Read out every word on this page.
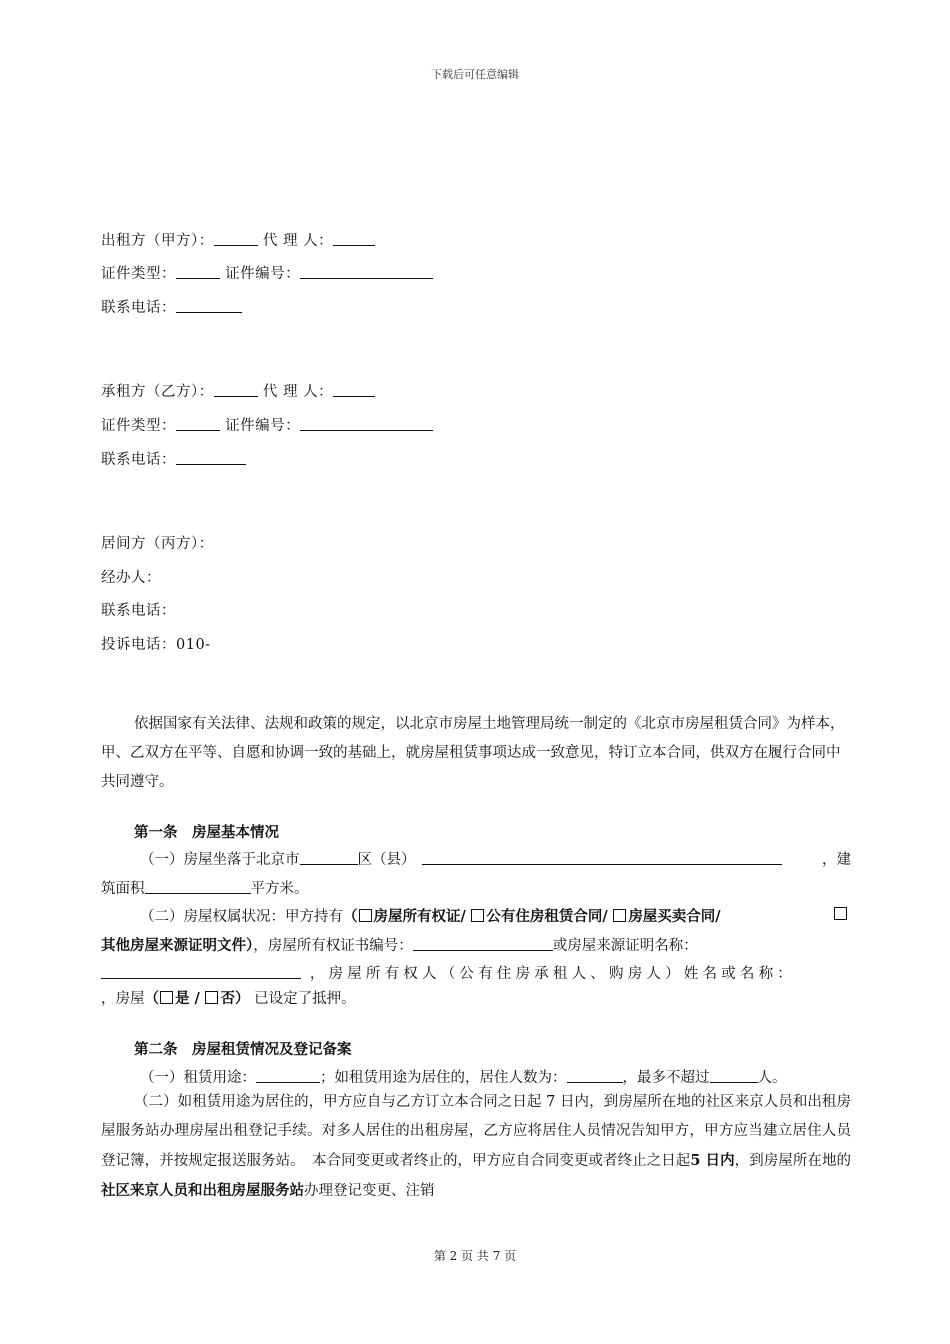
下载后可任意编辑
出租方（甲方）：	代 理 人：
证件类型：	证件编号：
联系电话：
承租方（乙方）：	代 理 人：
证件类型：	证件编号：
联系电话：
居间方（丙方）：
经办人：
联系电话：
投诉电话：010-
依据国家有关法律、法规和政策的规定，以北京市房屋土地管理局统一制定的《北京市房屋租赁合同》为样本，甲、乙双方在平等、自愿和协调一致的基础上，就房屋租赁事项达成一致意见，特订立本合同，供双方在履行合同中共同遵守。
第一条　房屋基本情况
（一）房屋坐落于北京市	区（县）	，建
筑面积	平方米。
（二）房屋权属状况：甲方持有（ 房屋所有权证/ 公有住房租赁合同/ 房屋买卖合同/
其他房屋来源证明文件），房屋所有权证书编号：	或房屋来源证明名称：
，房屋所有权人（公有住房承租人、购房人）姓名或名称：
，房屋（ 是 / 否） 已设定了抵押。
第二条　房屋租赁情况及登记备案
（一）租赁用途：	；如租赁用途为居住的，居住人数为：	，最多不超过	人。
（二）如租赁用途为居住的，甲方应自与乙方订立本合同之日起 7 日内，到房屋所在地的社区来京人员和出租房屋服务站办理房屋出租登记手续。对多人居住的出租房屋，乙方应将居住人员情况告知甲方，甲方应当建立居住人员登记簿，并按规定报送服务站。　本合同变更或者终止的，甲方应自合同变更或者终止之日起5 日内，到房屋所在地的社区来京人员和出租房屋服务站办理登记变更、注销
第 2 页 共 7 页
